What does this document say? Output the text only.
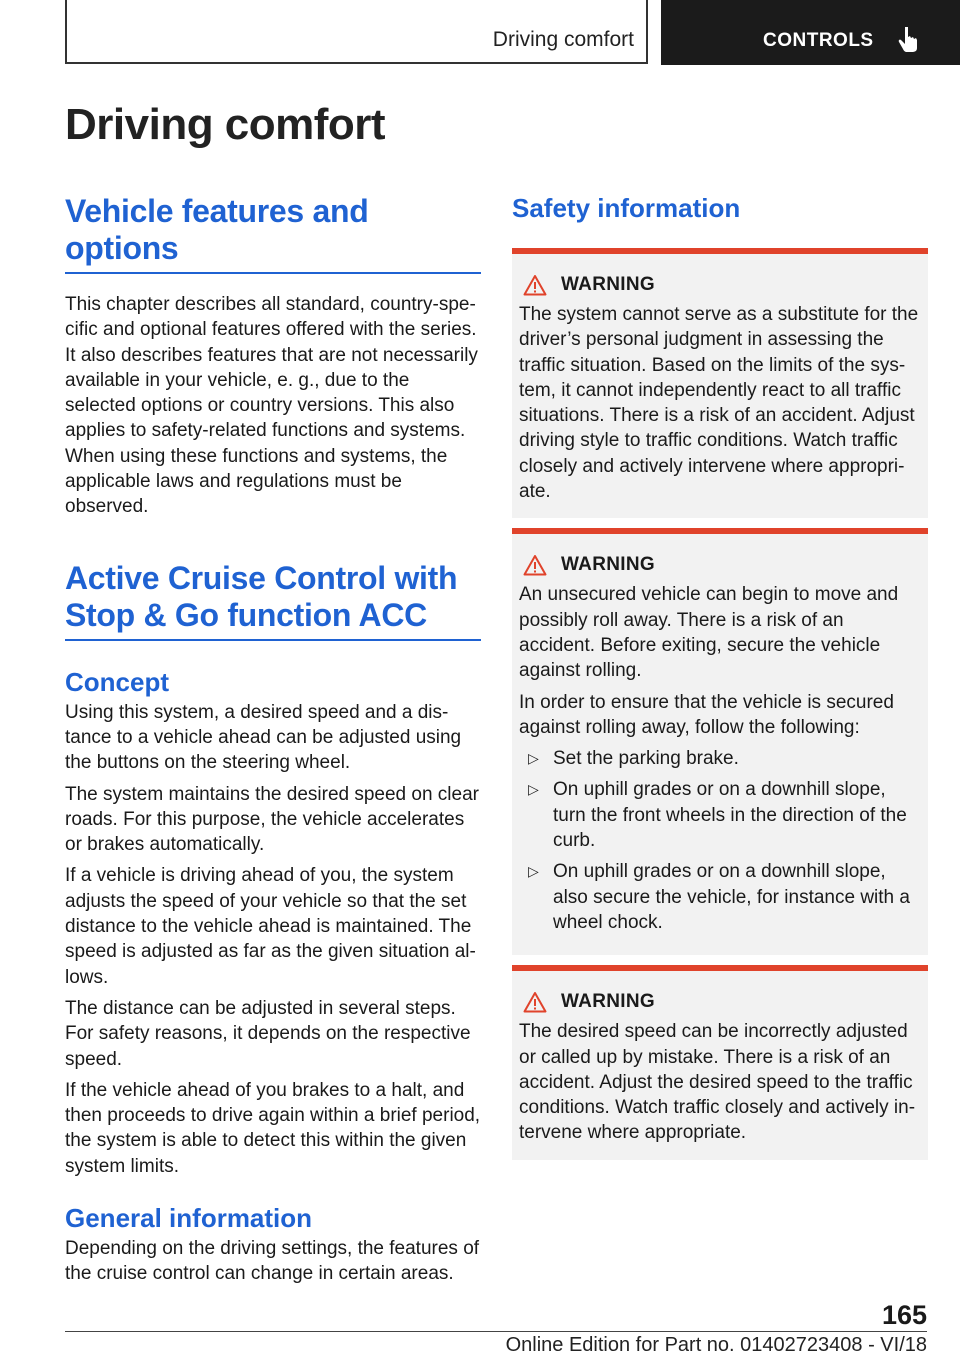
Driving comfort	CONTROLS
Driving comfort
Vehicle features and options

This chapter describes all standard, country-specific and optional features offered with the series. It also describes features that are not necessarily available in your vehicle, e. g., due to the selected options or country versions. This also applies to safety-related functions and systems. When using these functions and systems, the applicable laws and regulations must be observed.

Active Cruise Control with Stop & Go function ACC
Concept

Using this system, a desired speed and a distance to a vehicle ahead can be adjusted using the buttons on the steering wheel.

The system maintains the desired speed on clear roads. For this purpose, the vehicle accelerates or brakes automatically.

If a vehicle is driving ahead of you, the system adjusts the speed of your vehicle so that the set distance to the vehicle ahead is maintained. The speed is adjusted as far as the given situation allows.

The distance can be adjusted in several steps. For safety reasons, it depends on the respective speed.

If the vehicle ahead of you brakes to a halt, and then proceeds to drive again within a brief period, the system is able to detect this within the given system limits.

General information

Depending on the driving settings, the features of the cruise control can change in certain areas.

Safety information
WARNING

The system cannot serve as a substitute for the driver’s personal judgment in assessing the traffic situation. Based on the limits of the system, it cannot independently react to all traffic situations. There is a risk of an accident. Adjust driving style to traffic conditions. Watch traffic closely and actively intervene where appropriate.

WARNING

An unsecured vehicle can begin to move and possibly roll away. There is a risk of an accident. Before exiting, secure the vehicle against rolling.

In order to ensure that the vehicle is secured against rolling away, follow the following:

▷ Set the parking brake.
▷ On uphill grades or on a downhill slope, turn the front wheels in the direction of the curb.
▷ On uphill grades or on a downhill slope, also secure the vehicle, for instance with a wheel chock.
WARNING

The desired speed can be incorrectly adjusted or called up by mistake. There is a risk of an accident. Adjust the desired speed to the traffic conditions. Watch traffic closely and actively intervene where appropriate.

165
Online Edition for Part no. 01402723408 - VI/18
